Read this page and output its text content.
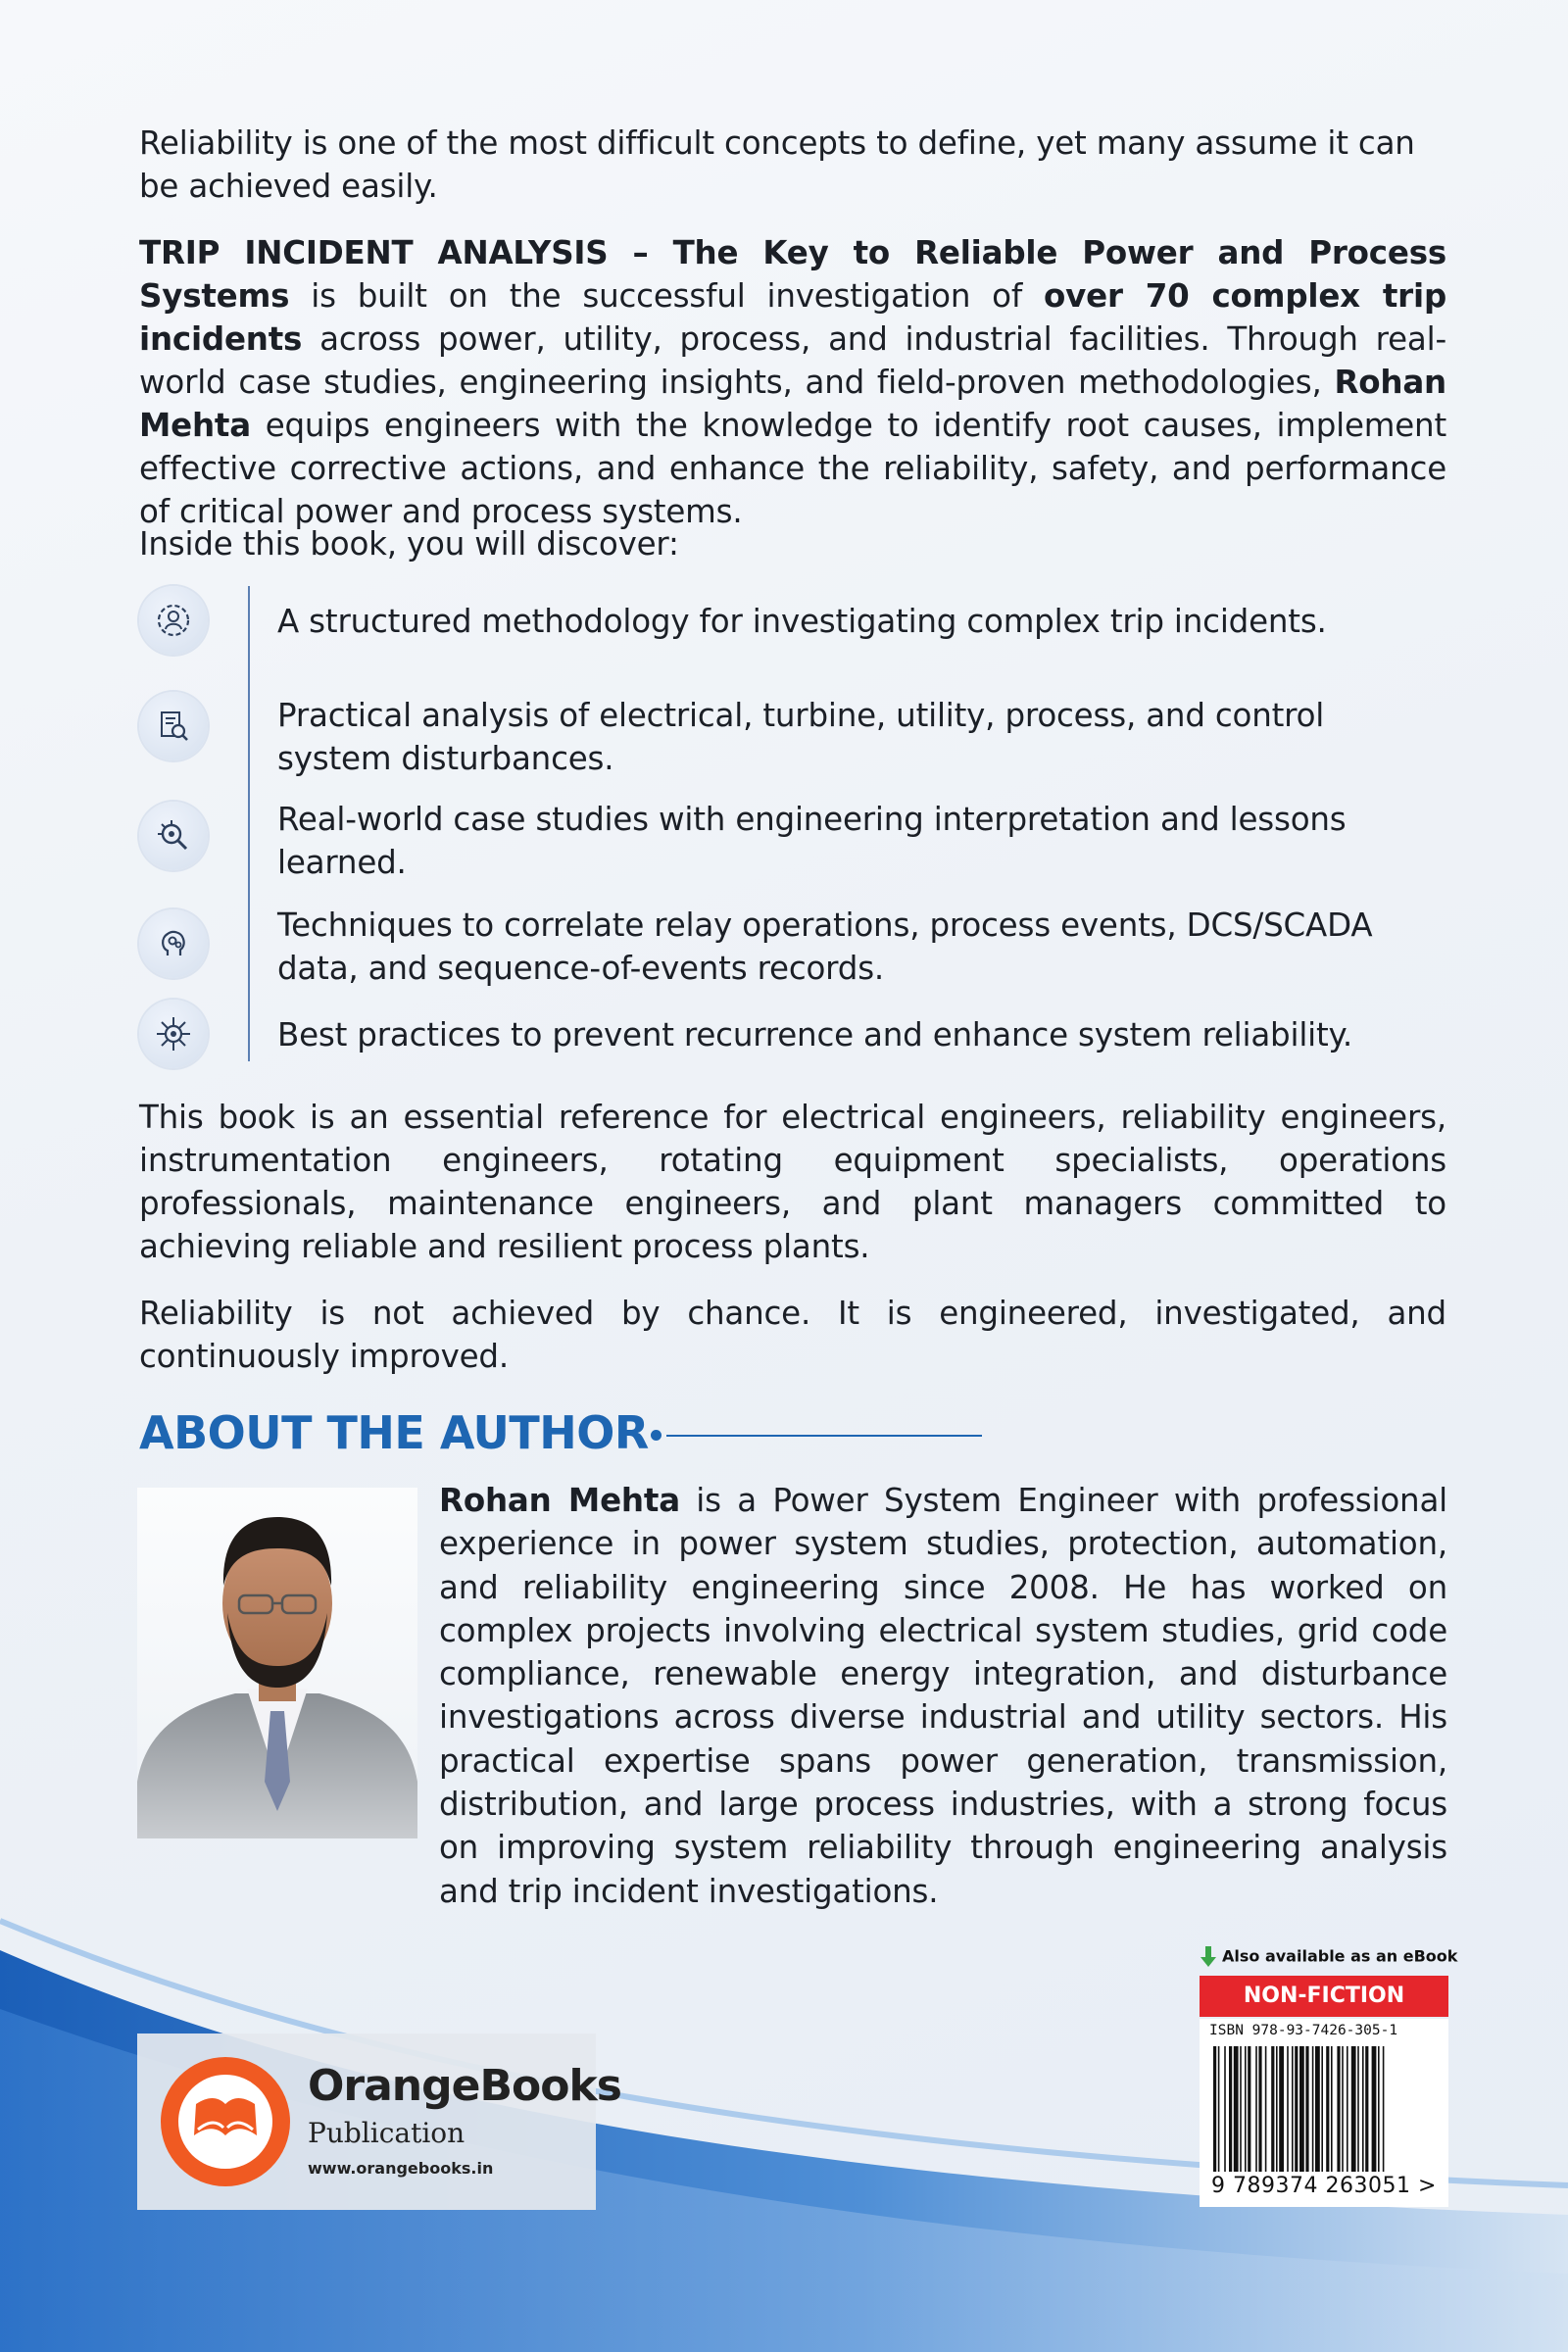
Reliability is one of the most difficult concepts to define, yet many assume it can be achieved easily.

TRIP INCIDENT ANALYSIS – The Key to Reliable Power and Process Systems is built on the successful investigation of over 70 complex trip incidents across power, utility, process, and industrial facilities. Through real-world case studies, engineering insights, and field-proven methodologies, Rohan Mehta equips engineers with the knowledge to identify root causes, implement effective corrective actions, and enhance the reliability, safety, and performance of critical power and process systems.

Inside this book, you will discover:

A structured methodology for investigating complex trip incidents.
Practical analysis of electrical, turbine, utility, process, and control system disturbances.
Real-world case studies with engineering interpretation and lessons learned.
Techniques to correlate relay operations, process events, DCS/SCADA data, and sequence-of-events records.
Best practices to prevent recurrence and enhance system reliability.

This book is an essential reference for electrical engineers, reliability engineers, instrumentation engineers, rotating equipment specialists, operations professionals, maintenance engineers, and plant managers committed to achieving reliable and resilient process plants.

Reliability is not achieved by chance. It is engineered, investigated, and continuously improved.

ABOUT THE AUTHOR

Rohan Mehta is a Power System Engineer with professional experience in power system studies, protection, automation, and reliability engineering since 2008. He has worked on complex projects involving electrical system studies, grid code compliance, renewable energy integration, and disturbance investigations across diverse industrial and utility sectors. His practical expertise spans power generation, transmission, distribution, and large process industries, with a strong focus on improving system reliability through engineering analysis and trip incident investigations.

OrangeBooks
Publication
www.orangebooks.in
Also available as an eBook
NON-FICTION
ISBN 978-93-7426-305-1
9 789374 263051 >
